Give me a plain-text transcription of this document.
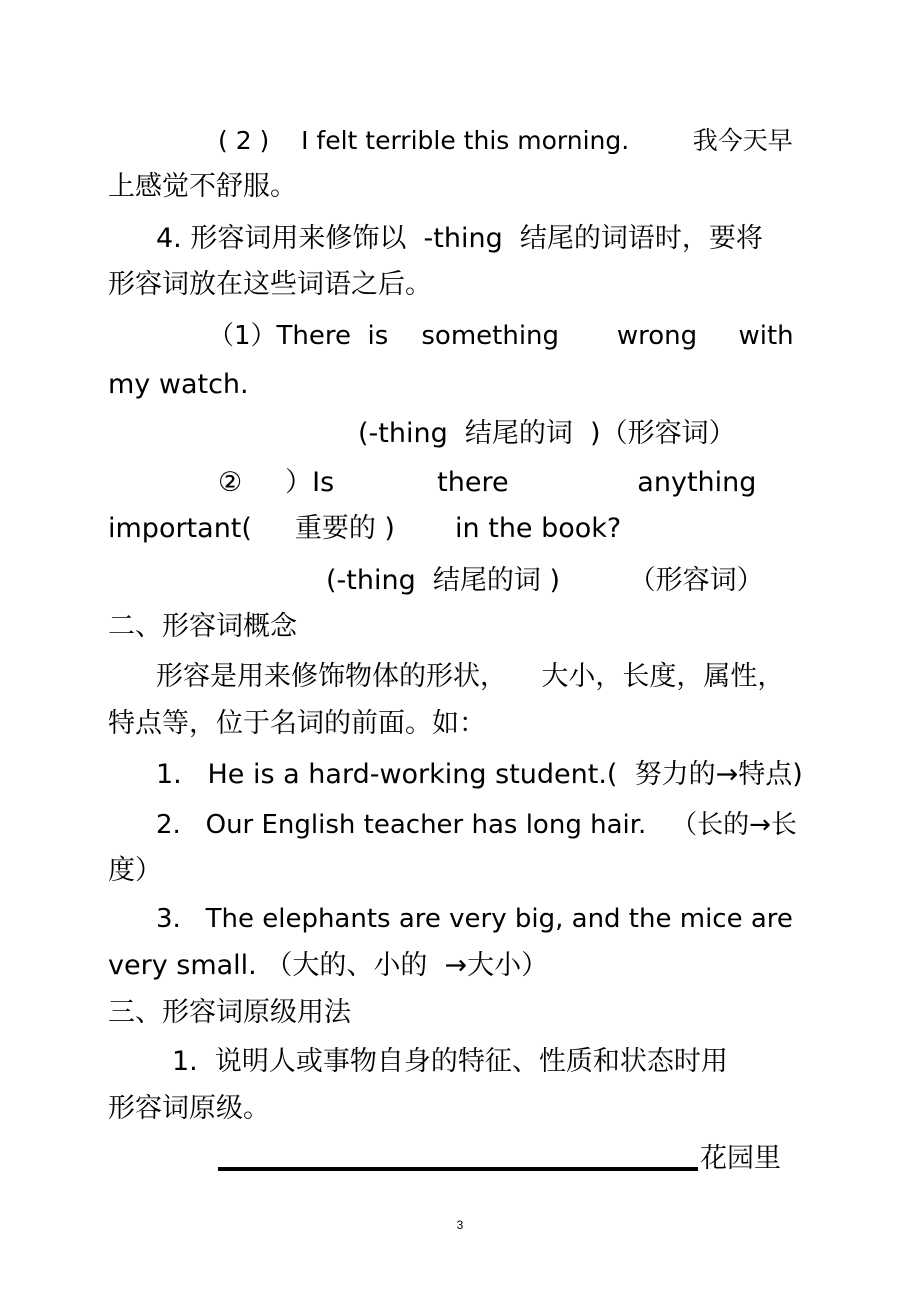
( 2 )    I felt terrible this morning.        我今天早
上感觉不舒服。
4. 形容词用来修饰以  -thing  结尾的词语时，要将
形容词放在这些词语之后。
（1）There  is    something       wrong     with
my watch.
(-thing  结尾的词  )（形容词）
②     ）Is            there               anything
important(     重要的 )       in the book?
(-thing  结尾的词 )        （形容词）
二、形容词概念
形容是用来修饰物体的形状，    大小，长度，属性，
特点等，位于名词的前面。如：
1.   He is a hard-working student.(  努力的→特点)
2.   Our English teacher has long hair.   （长的→长
度）
3.   The elephants are very big, and the mice are
very small. （大的、小的  →大小）
三、形容词原级用法
1.  说明人或事物自身的特征、性质和状态时用
形容词原级。
花园里
3
